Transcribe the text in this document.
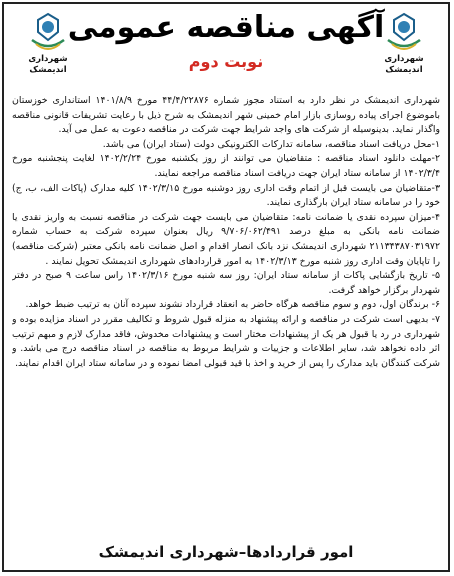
شهرداری اندیمشک
شهرداری اندیمشک
آگهی مناقصه عمومی
نوبت دوم

شهرداری اندیمشک در نظر دارد به استناد مجوز شماره ۴۴/۴/۲۲۸۷۶ مورخ ۱۴۰۱/۸/۹ استانداری خوزستان باموضوع اجرای پیاده روسازی بازار امام خمینی شهر اندیمشک به شرح ذیل با رعایت تشریفات قانونی مناقصه واگذار نماید. بدینوسیله از شرکت های واجد شرایط جهت شرکت در مناقصه دعوت به عمل می آید.

۱-محل دریافت اسناد مناقصه، سامانه تدارکات الکترونیکی دولت (ستاد ایران) می باشد.

۲-مهلت دانلود اسناد مناقصه : متقاضیان می توانند از روز یکشنبه مورخ ۱۴۰۲/۲/۲۴ لغایت پنجشنبه مورخ ۱۴۰۲/۳/۴ از سامانه ستاد ایران جهت دریافت اسناد مناقصه مراجعه نمایند.

۳-متقاضیان می بایست قبل از اتمام وقت اداری روز دوشنبه مورخ ۱۴۰۲/۳/۱۵ کلیه مدارک (پاکات الف، ب، ج) خود را در سامانه ستاد ایران بارگذاری نمایند.

۴-میزان سپرده نقدی یا ضمانت نامه: متقاضیان می بایست جهت شرکت در مناقصه نسبت به واریز نقدی یا ضمانت نامه بانکی به مبلغ درصد ۹/۷۰۶/۰۶۲/۴۹۱ ریال بعنوان سپرده شرکت به حساب شماره ۲۱۱۳۴۳۸۷۰۳۱۹۷۲ شهرداری اندیمشک نزد بانک انصار اقدام و اصل ضمانت نامه بانکی معتبر (شرکت مناقصه) را تاپایان وقت اداری روز شنبه مورخ ۱۴۰۲/۳/۱۳ به امور قراردادهای شهرداری اندیمشک تحویل نمایند .

۵- تاریخ بازگشایی پاکات از سامانه ستاد ایران: روز سه شنبه مورخ ۱۴۰۲/۳/۱۶ راس ساعت ۹ صبح در دفتر شهردار برگزار خواهد گرفت.

۶- برندگان اول، دوم و سوم مناقصه هرگاه حاضر به انعقاد قرارداد نشوند سپرده آنان به ترتیب ضبط خواهد.

۷- بدیهی است شرکت در مناقصه و ارائه پیشنهاد به منزله قبول شروط و تکالیف مقرر در اسناد مزایده بوده و شهرداری در رد یا قبول هر یک از پیشنهادات مختار است و پیشنهادات مخدوش، فاقد مدارک لازم و مبهم ترتیب اثر داده نخواهد شد، سایر اطلاعات و جزییات و شرایط مربوط به مناقصه در اسناد مناقصه درج می باشد. و شرکت کنندگان باید مدارک را پس از خرید و اخذ با قید قبولی امضا نموده و در سامانه ستاد ایران اقدام نمایند.

امور قراردادها–شهرداری اندیمشک
